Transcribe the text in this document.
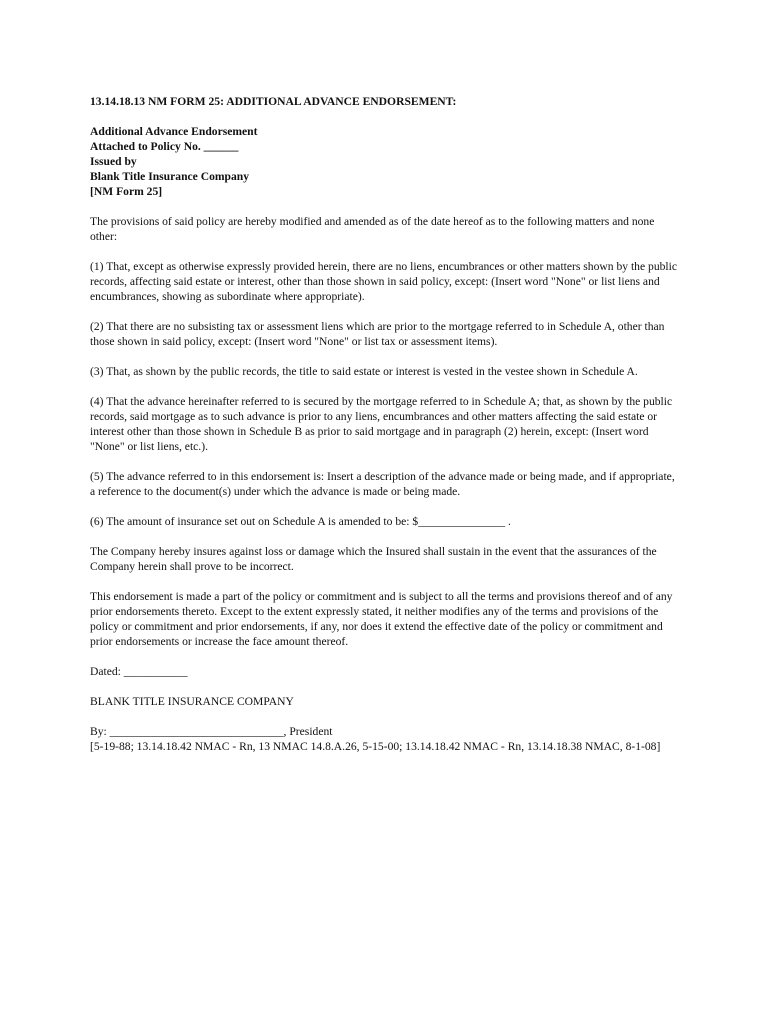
13.14.18.13 NM FORM 25: ADDITIONAL ADVANCE ENDORSEMENT:

Additional Advance Endorsement
Attached to Policy No. ______
Issued by
Blank Title Insurance Company
[NM Form 25]

The provisions of said policy are hereby modified and amended as of the date hereof as to the following matters and none other:

(1) That, except as otherwise expressly provided herein, there are no liens, encumbrances or other matters shown by the public records, affecting said estate or interest, other than those shown in said policy, except: (Insert word "None" or list liens and encumbrances, showing as subordinate where appropriate).

(2) That there are no subsisting tax or assessment liens which are prior to the mortgage referred to in Schedule A, other than those shown in said policy, except: (Insert word "None" or list tax or assessment items).

(3) That, as shown by the public records, the title to said estate or interest is vested in the vestee shown in Schedule A.

(4) That the advance hereinafter referred to is secured by the mortgage referred to in Schedule A; that, as shown by the public records, said mortgage as to such advance is prior to any liens, encumbrances and other matters affecting the said estate or interest other than those shown in Schedule B as prior to said mortgage and in paragraph (2) herein, except: (Insert word "None" or list liens, etc.).

(5) The advance referred to in this endorsement is: Insert a description of the advance made or being made, and if appropriate, a reference to the document(s) under which the advance is made or being made.

(6) The amount of insurance set out on Schedule A is amended to be: $_______________ .

The Company hereby insures against loss or damage which the Insured shall sustain in the event that the assurances of the Company herein shall prove to be incorrect.

This endorsement is made a part of the policy or commitment and is subject to all the terms and provisions thereof and of any prior endorsements thereto. Except to the extent expressly stated, it neither modifies any of the terms and provisions of the policy or commitment and prior endorsements, if any, nor does it extend the effective date of the policy or commitment and prior endorsements or increase the face amount thereof.

Dated: ___________

BLANK TITLE INSURANCE COMPANY

By: ______________________________, President

[5-19-88; 13.14.18.42 NMAC - Rn, 13 NMAC 14.8.A.26, 5-15-00; 13.14.18.42 NMAC - Rn, 13.14.18.38 NMAC, 8-1-08]
